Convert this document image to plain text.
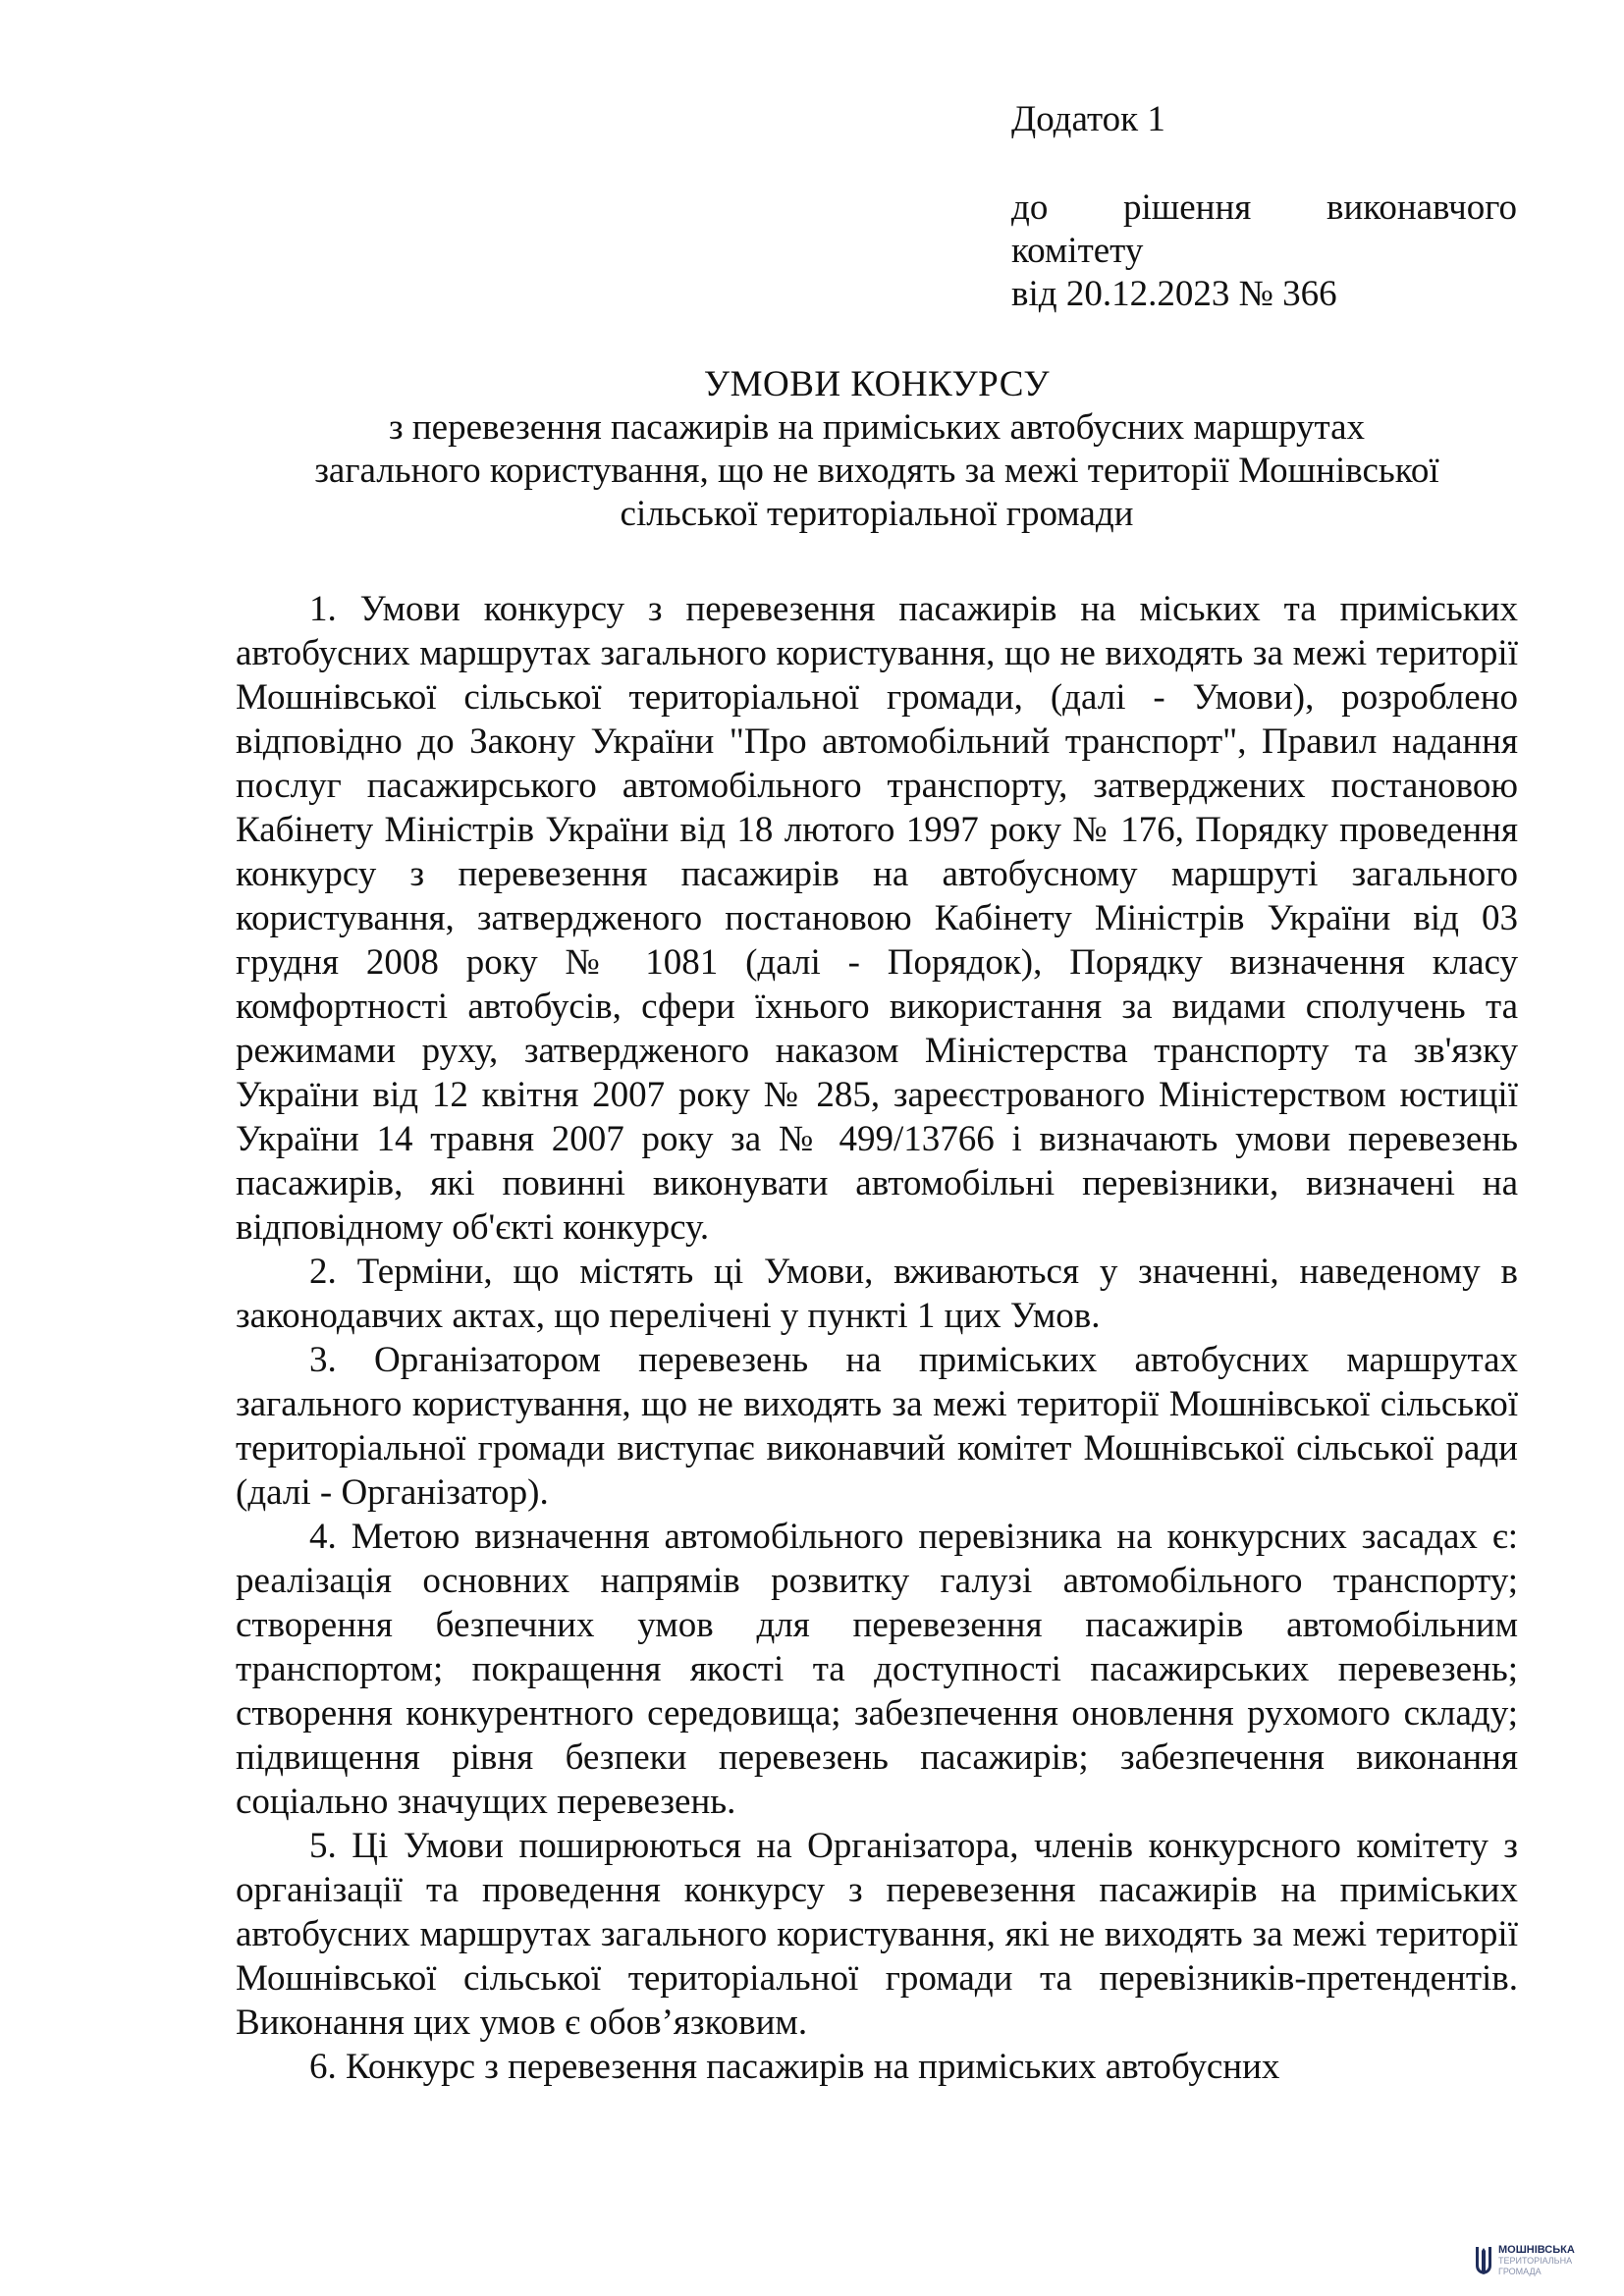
Додаток 1
до рішення виконавчого
комітету
від 20.12.2023 № 366
УМОВИ КОНКУРСУ
з перевезення пасажирів на приміських автобусних маршрутах
загального користування, що не виходять за межі території Мошнівської
сільської територіальної громади

1. Умови конкурсу з перевезення пасажирів на міських та приміських автобусних маршрутах загального користування, що не виходять за межі території Мошнівської сільської територіальної громади, (далі - Умови), розроблено відповідно до Закону України "Про автомобільний транспорт", Правил надання послуг пасажирського автомобільного транспорту, затверджених постановою Кабінету Міністрів України від 18 лютого 1997 року № 176, Порядку проведення конкурсу з перевезення пасажирів на автобусному маршруті загального користування, затвердженого постановою Кабінету Міністрів України від 03 грудня 2008 року № 1081 (далі - Порядок), Порядку визначення класу комфортності автобусів, сфери їхнього використання за видами сполучень та режимами руху, затвердженого наказом Міністерства транспорту та зв'язку України від 12 квітня 2007 року № 285, зареєстрованого Міністерством юстиції України 14 травня 2007 року за № 499/13766 і визначають умови перевезень пасажирів, які повинні виконувати автомобільні перевізники, визначені на відповідному об'єкті конкурсу.

2. Терміни, що містять ці Умови, вживаються у значенні, наведеному в законодавчих актах, що перелічені у пункті 1 цих Умов.

3. Організатором перевезень на приміських автобусних маршрутах загального користування, що не виходять за межі території Мошнівської сільської територіальної громади виступає виконавчий комітет Мошнівської сільської ради (далі - Організатор).

4. Метою визначення автомобільного перевізника на конкурсних засадах є: реалізація основних напрямів розвитку галузі автомобільного транспорту; створення безпечних умов для перевезення пасажирів автомобільним транспортом; покращення якості та доступності пасажирських перевезень; створення конкурентного середовища; забезпечення оновлення рухомого складу; підвищення рівня безпеки перевезень пасажирів; забезпечення виконання соціально значущих перевезень.

5. Ці Умови поширюються на Організатора, членів конкурсного комітету з організації та проведення конкурсу з перевезення пасажирів на приміських автобусних маршрутах загального користування, які не виходять за межі території Мошнівської сільської територіальної громади та перевізників-претендентів. Виконання цих умов є обов’язковим.

6. Конкурс з перевезення пасажирів на приміських автобусних

МОШНІВСЬКА
ТЕРИТОРІАЛЬНА
ГРОМАДА
